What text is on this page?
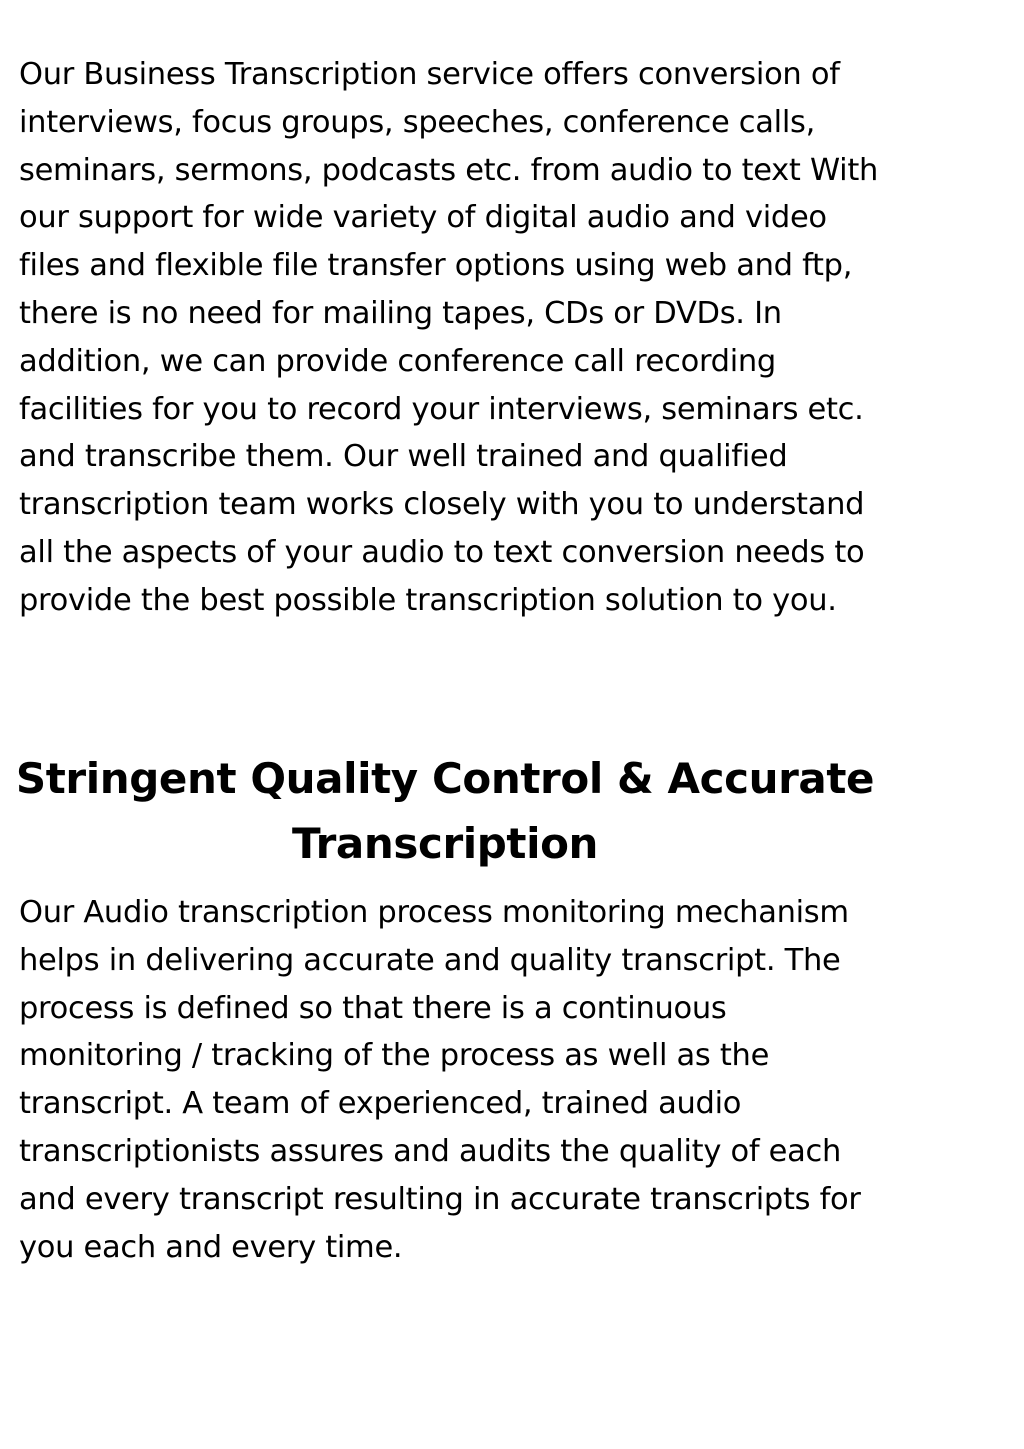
Our Business Transcription service offers conversion of
interviews, focus groups, speeches, conference calls,
seminars, sermons, podcasts etc. from audio to text With
our support for wide variety of digital audio and video
files and flexible file transfer options using web and ftp,
there is no need for mailing tapes, CDs or DVDs. In
addition, we can provide conference call recording
facilities for you to record your interviews, seminars etc.
and transcribe them. Our well trained and qualified
transcription team works closely with you to understand
all the aspects of your audio to text conversion needs to
provide the best possible transcription solution to you.

Stringent Quality Control & Accurate
Transcription

Our Audio transcription process monitoring mechanism
helps in delivering accurate and quality transcript. The
process is defined so that there is a continuous
monitoring / tracking of the process as well as the
transcript. A team of experienced, trained audio
transcriptionists assures and audits the quality of each
and every transcript resulting in accurate transcripts for
you each and every time.
